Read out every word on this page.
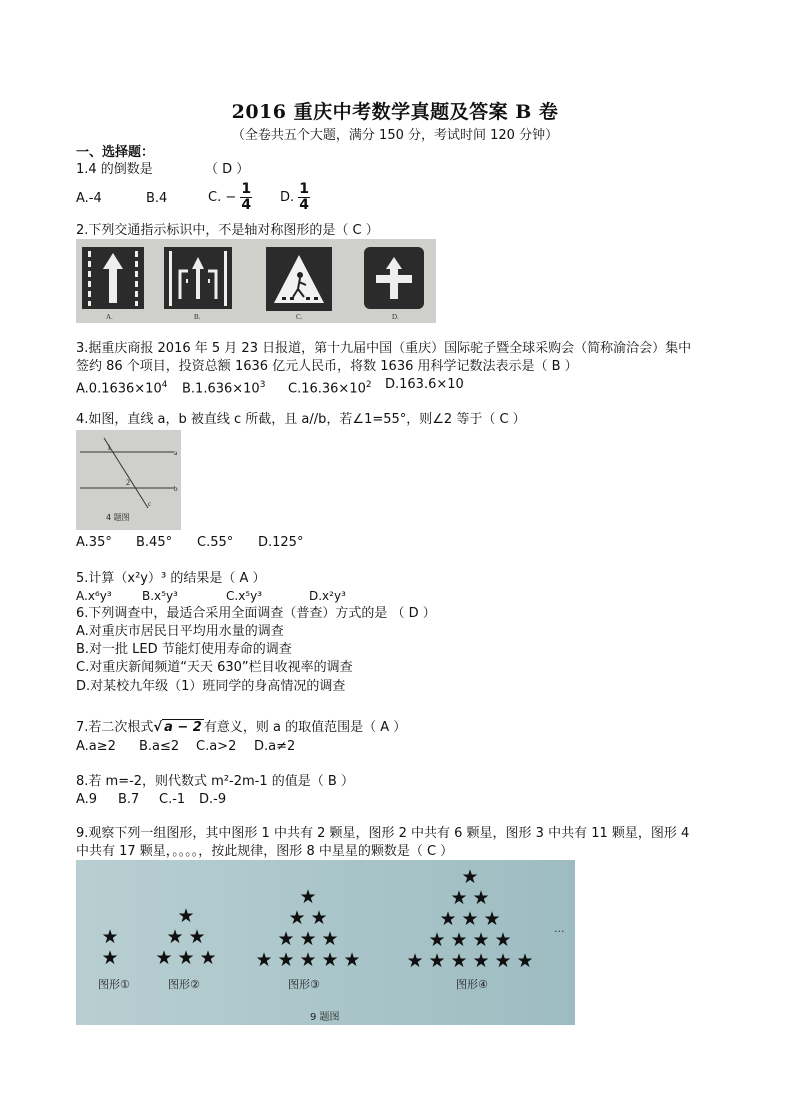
2016 重庆中考数学真题及答案 B 卷
（全卷共五个大题，满分 150 分，考试时间 120 分钟）
一、选择题：
1.4 的倒数是	（ D ）
A.-4	B.4	C. − $\frac{1}{4} D$. $\frac{1}{4}$
2.下列交通指示标识中，不是轴对称图形的是（ C ）
A.	B.	C.	D.
3.据重庆商报 2016 年 5 月 23 日报道，第十九届中国（重庆）国际驼子暨全球采购会（简称渝洽会）集中
签约 86 个项目，投资总额 1636 亿元人民币，将数 1636 用科学记数法表示是（ B ）
$A.0.1636\times 10^4$ $B.1.636\times 10^3$ $C.16.36\times 10^2$ D.163.6×10
4.如图，直线 a，b 被直线 c 所截，且 a//b，若∠1=55°，则∠2 等于（ C ）
1
2
a
b
c
4 题图
A.35° B.45° C.55° D.125°
5.计算（x²y）³ 的结果是（ A ）
A.x⁶y³	B.x⁵y³	C.x⁵y³	D.x²y³
6.下列调查中，最适合采用全面调查（普查）方式的是 （ D ）
A.对重庆市居民日平均用水量的调查
B.对一批 LED 节能灯使用寿命的调查
C.对重庆新闻频道“天天 630”栏目收视率的调查
D.对某校九年级（1）班同学的身高情况的调查
7.若二次根式√ a − 2 有意义，则 a 的取值范围是（ A ）
A.a≥2 B.a≤2 C.a>2 D.a≠2
8.若 m=-2，则代数式 m²-2m-1 的值是（ B ）
A.9 B.7 C.-1 D.-9
9.观察下列一组图形，其中图形 1 中共有 2 颗星，图形 2 中共有 6 颗星，图形 3 中共有 11 颗星，图形 4
中共有 17 颗星，。。。。，按此规律，图形 8 中星星的颗数是（ C ）
★
★
★
★ ★
★ ★ ★
★
★ ★
★ ★ ★
★ ★ ★ ★ ★
★
★ ★
★ ★ ★
★ ★ ★ ★
★ ★ ★ ★ ★ ★
图形①	图形②	图形③	图形④
...
9 题图
